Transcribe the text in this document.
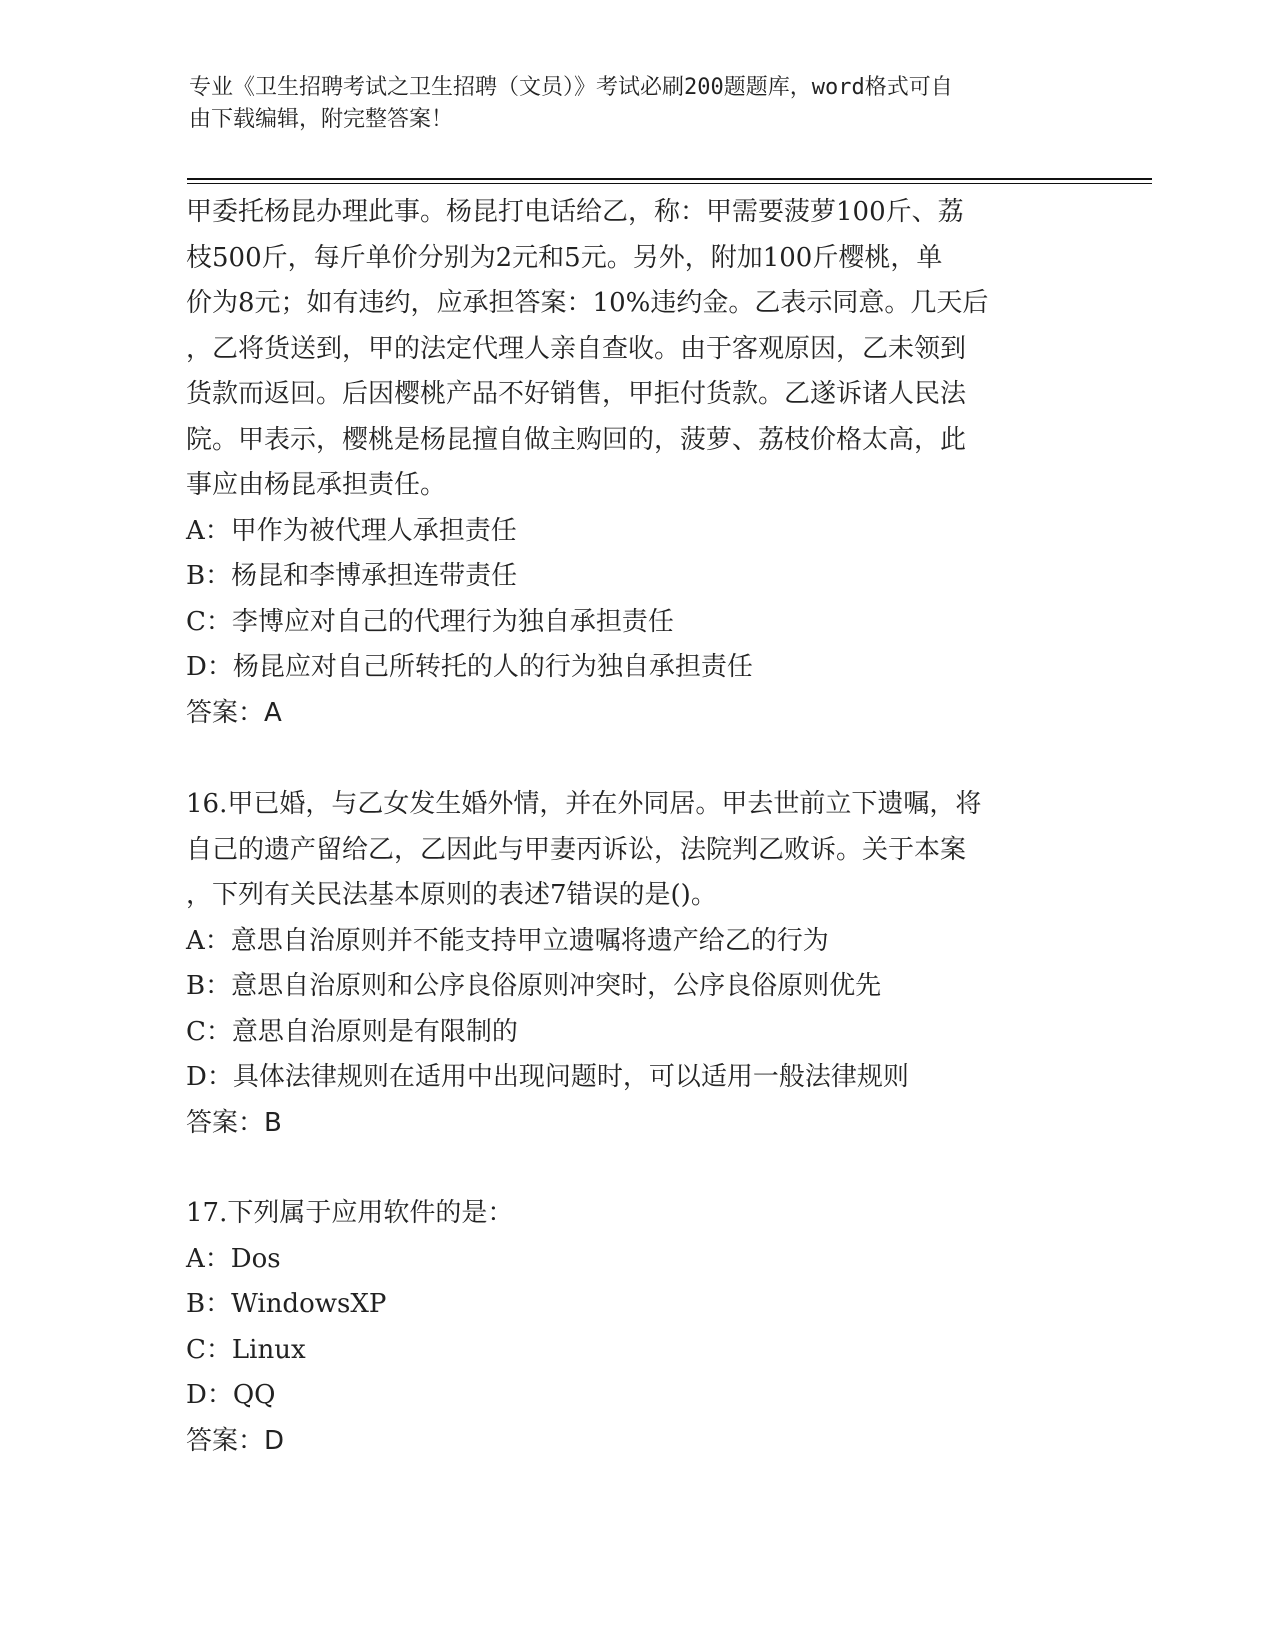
专业《卫生招聘考试之卫生招聘（文员）》考试必刷200题题库，word格式可自
由下载编辑，附完整答案！

甲委托杨昆办理此事。杨昆打电话给乙，称：甲需要菠萝100斤、荔

枝500斤，每斤单价分别为2元和5元。另外，附加100斤樱桃，单

价为8元；如有违约，应承担答案：10%违约金。乙表示同意。几天后

，乙将货送到，甲的法定代理人亲自查收。由于客观原因，乙未领到

货款而返回。后因樱桃产品不好销售，甲拒付货款。乙遂诉诸人民法

院。甲表示，樱桃是杨昆擅自做主购回的，菠萝、荔枝价格太高，此

事应由杨昆承担责任。

A：甲作为被代理人承担责任

B：杨昆和李博承担连带责任

C：李博应对自己的代理行为独自承担责任

D：杨昆应对自己所转托的人的行为独自承担责任

答案：A

16.甲已婚，与乙女发生婚外情，并在外同居。甲去世前立下遗嘱，将

自己的遗产留给乙，乙因此与甲妻丙诉讼，法院判乙败诉。关于本案

，下列有关民法基本原则的表述7错误的是()。

A：意思自治原则并不能支持甲立遗嘱将遗产给乙的行为

B：意思自治原则和公序良俗原则冲突时，公序良俗原则优先

C：意思自治原则是有限制的

D：具体法律规则在适用中出现问题时，可以适用一般法律规则

答案：B

17.下列属于应用软件的是：

A：Dos

B：WindowsXP

C：Linux

D：QQ

答案：D
